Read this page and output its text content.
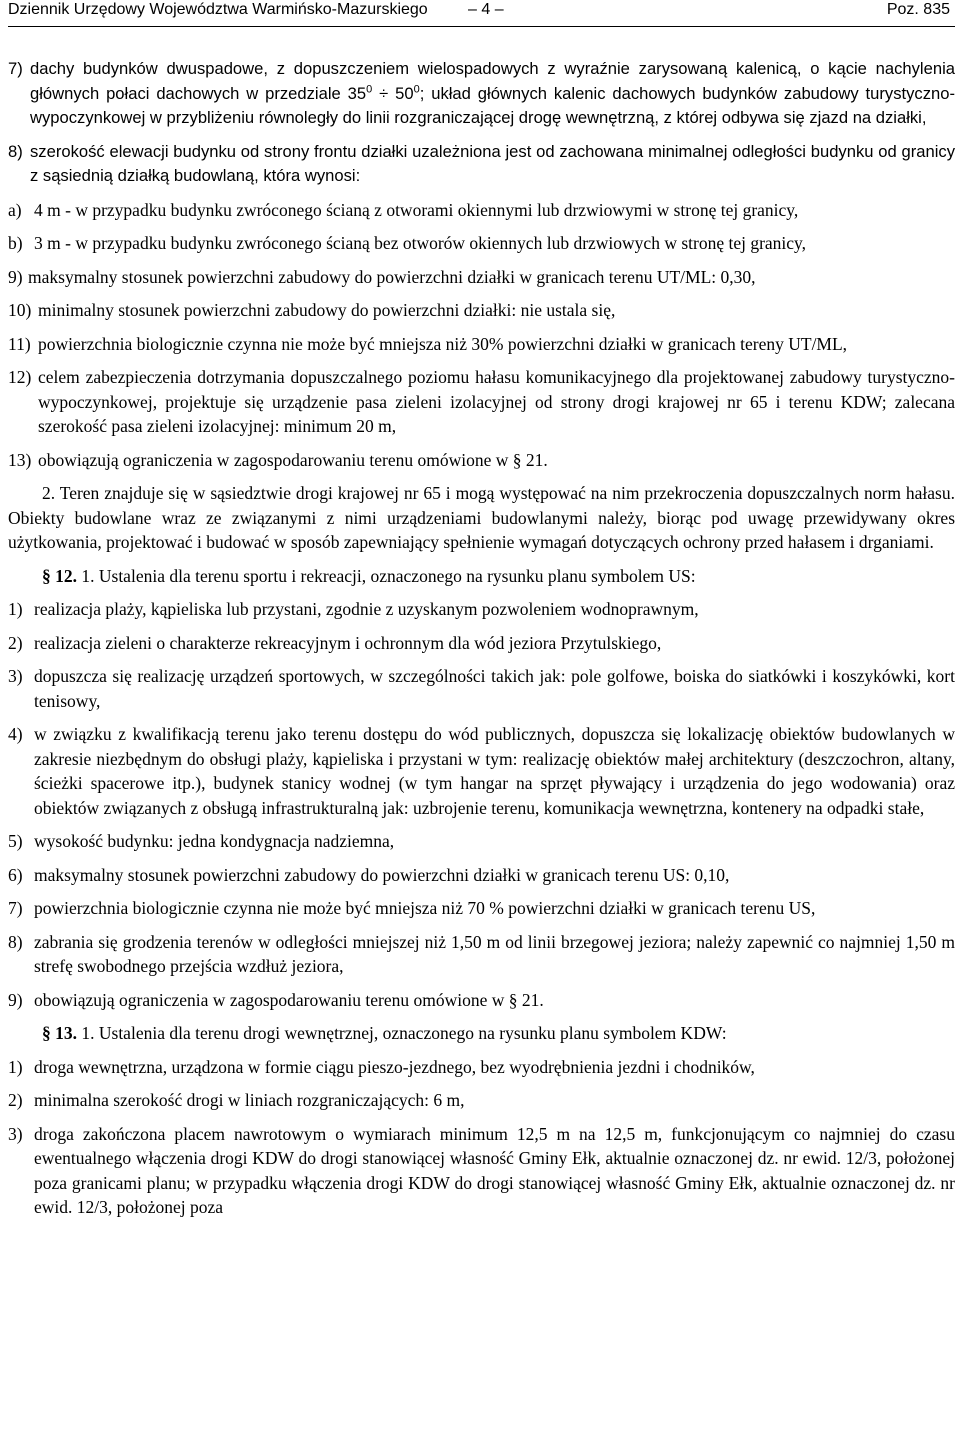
Dziennik Urzędowy Województwa Warmińsko-Mazurskiego	– 4 –	Poz. 835
7) dachy budynków dwuspadowe, z dopuszczeniem wielospadowych z wyraźnie zarysowaną kalenicą, o kącie nachylenia głównych połaci dachowych w przedziale $35^0 \div 50^0$; układ głównych kalenic dachowych budynków zabudowy turystyczno-wypoczynkowej w przybliżeniu równoległy do linii rozgraniczającej drogę wewnętrzną, z której odbywa się zjazd na działki,
8) szerokość elewacji budynku od strony frontu działki uzależniona jest od zachowana minimalnej odległości budynku od granicy z sąsiednią działką budowlaną, która wynosi:
a) 4 m - w przypadku budynku zwróconego ścianą z otworami okiennymi lub drzwiowymi w stronę tej granicy,
b) 3 m - w przypadku budynku zwróconego ścianą bez otworów okiennych lub drzwiowych w stronę tej granicy,
9) maksymalny stosunek powierzchni zabudowy do powierzchni działki w granicach terenu UT/ML: 0,30,
10) minimalny stosunek powierzchni zabudowy do powierzchni działki: nie ustala się,
11) powierzchnia biologicznie czynna nie może być mniejsza niż 30% powierzchni działki w granicach tereny UT/ML,
12) celem zabezpieczenia dotrzymania dopuszczalnego poziomu hałasu komunikacyjnego dla projektowanej zabudowy turystyczno-wypoczynkowej, projektuje się urządzenie pasa zieleni izolacyjnej od strony drogi krajowej nr 65 i terenu KDW; zalecana szerokość pasa zieleni izolacyjnej: minimum 20 m,
13) obowiązują ograniczenia w zagospodarowaniu terenu omówione w § 21.

2. Teren znajduje się w sąsiedztwie drogi krajowej nr 65 i mogą występować na nim przekroczenia dopuszczalnych norm hałasu. Obiekty budowlane wraz ze związanymi z nimi urządzeniami budowlanymi należy, biorąc pod uwagę przewidywany okres użytkowania, projektować i budować w sposób zapewniający spełnienie wymagań dotyczących ochrony przed hałasem i drganiami.

§ 12. 1. Ustalenia dla terenu sportu i rekreacji, oznaczonego na rysunku planu symbolem US:

1) realizacja plaży, kąpieliska lub przystani, zgodnie z uzyskanym pozwoleniem wodnoprawnym,
2) realizacja zieleni o charakterze rekreacyjnym i ochronnym dla wód jeziora Przytulskiego,
3) dopuszcza się realizację urządzeń sportowych, w szczególności takich jak: pole golfowe, boiska do siatkówki i koszykówki, kort tenisowy,
4) w związku z kwalifikacją terenu jako terenu dostępu do wód publicznych, dopuszcza się lokalizację obiektów budowlanych w zakresie niezbędnym do obsługi plaży, kąpieliska i przystani w tym: realizację obiektów małej architektury (deszczochron, altany, ścieżki spacerowe itp.), budynek stanicy wodnej (w tym hangar na sprzęt pływający i urządzenia do jego wodowania) oraz obiektów związanych z obsługą infrastrukturalną jak: uzbrojenie terenu, komunikacja wewnętrzna, kontenery na odpadki stałe,
5) wysokość budynku: jedna kondygnacja nadziemna,
6) maksymalny stosunek powierzchni zabudowy do powierzchni działki w granicach terenu US: 0,10,
7) powierzchnia biologicznie czynna nie może być mniejsza niż 70 % powierzchni działki w granicach terenu US,
8) zabrania się grodzenia terenów w odległości mniejszej niż 1,50 m od linii brzegowej jeziora; należy zapewnić co najmniej 1,50 m strefę swobodnego przejścia wzdłuż jeziora,
9) obowiązują ograniczenia w zagospodarowaniu terenu omówione w § 21.

§ 13. 1. Ustalenia dla terenu drogi wewnętrznej, oznaczonego na rysunku planu symbolem KDW:

1) droga wewnętrzna, urządzona w formie ciągu pieszo-jezdnego, bez wyodrębnienia jezdni i chodników,
2) minimalna szerokość drogi w liniach rozgraniczających: 6 m,
3) droga zakończona placem nawrotowym o wymiarach minimum 12,5 m na 12,5 m, funkcjonującym co najmniej do czasu ewentualnego włączenia drogi KDW do drogi stanowiącej własność Gminy Ełk, aktualnie oznaczonej dz. nr ewid. 12/3, położonej poza granicami planu; w przypadku włączenia drogi KDW do drogi stanowiącej własność Gminy Ełk, aktualnie oznaczonej dz. nr ewid. 12/3, położonej poza
